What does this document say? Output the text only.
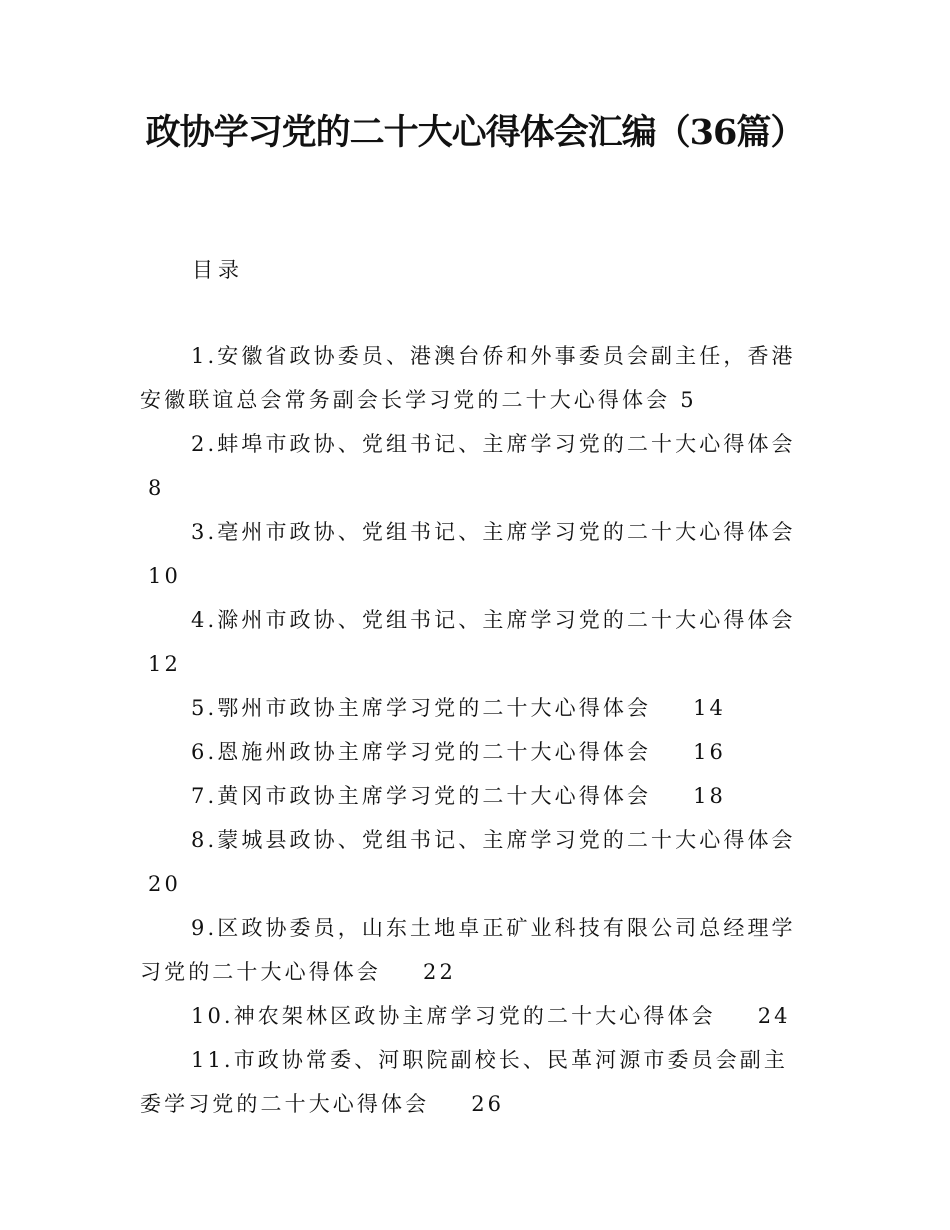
政协学习党的二十大心得体会汇编（36篇）

目录

1.安徽省政协委员、港澳台侨和外事委员会副主任，香港安徽联谊总会常务副会长学习党的二十大心得体会 5
2.蚌埠市政协、党组书记、主席学习党的二十大心得体会8
3.亳州市政协、党组书记、主席学习党的二十大心得体会10
4.滁州市政协、党组书记、主席学习党的二十大心得体会12
5.鄂州市政协主席学习党的二十大心得体会 14
6.恩施州政协主席学习党的二十大心得体会 16
7.黄冈市政协主席学习党的二十大心得体会 18
8.蒙城县政协、党组书记、主席学习党的二十大心得体会20
9.区政协委员，山东土地卓正矿业科技有限公司总经理学习党的二十大心得体会 22
10.神农架林区政协主席学习党的二十大心得体会 24
11.市政协常委、河职院副校长、民革河源市委员会副主委学习党的二十大心得体会 26
